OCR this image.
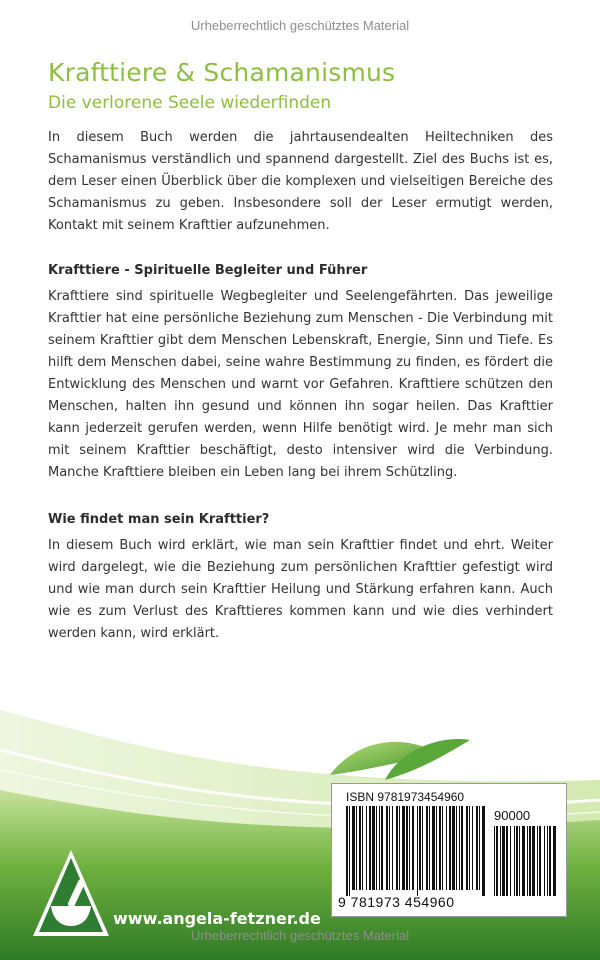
Urheberrechtlich geschütztes Material
Krafttiere & Schamanismus
Die verlorene Seele wiederfinden
In diesem Buch werden die jahrtausendealten Heiltechniken des Schamanismus verständlich und spannend dargestellt. Ziel des Buchs ist es, dem Leser einen Überblick über die komplexen und vielseitigen Bereiche des Schamanismus zu geben. Insbesondere soll der Leser ermutigt werden, Kontakt mit seinem Krafttier aufzunehmen.
Krafttiere - Spirituelle Begleiter und Führer
Krafttiere sind spirituelle Wegbegleiter und Seelengefährten. Das jeweilige Krafttier hat eine persönliche Beziehung zum Menschen - Die Verbindung mit seinem Krafttier gibt dem Menschen Lebenskraft, Energie, Sinn und Tiefe. Es hilft dem Menschen dabei, seine wahre Bestimmung zu finden, es fördert die Entwicklung des Menschen und warnt vor Gefahren. Krafttiere schützen den Menschen, halten ihn gesund und können ihn sogar heilen. Das Krafttier kann jederzeit gerufen werden, wenn Hilfe benötigt wird. Je mehr man sich mit seinem Krafttier beschäftigt, desto intensiver wird die Verbindung. Manche Krafttiere bleiben ein Leben lang bei ihrem Schützling.
Wie findet man sein Krafttier?
In diesem Buch wird erklärt, wie man sein Krafttier findet und ehrt. Weiter wird dargelegt, wie die Beziehung zum persönlichen Krafttier gefestigt wird und wie man durch sein Krafttier Heilung und Stärkung erfahren kann. Auch wie es zum Verlust des Krafttieres kommen kann und wie dies verhindert werden kann, wird erklärt.
ISBN 9781973454960
90000
9 781973 454960
www.angela-fetzner.de
Urheberrechtlich geschütztes Material
